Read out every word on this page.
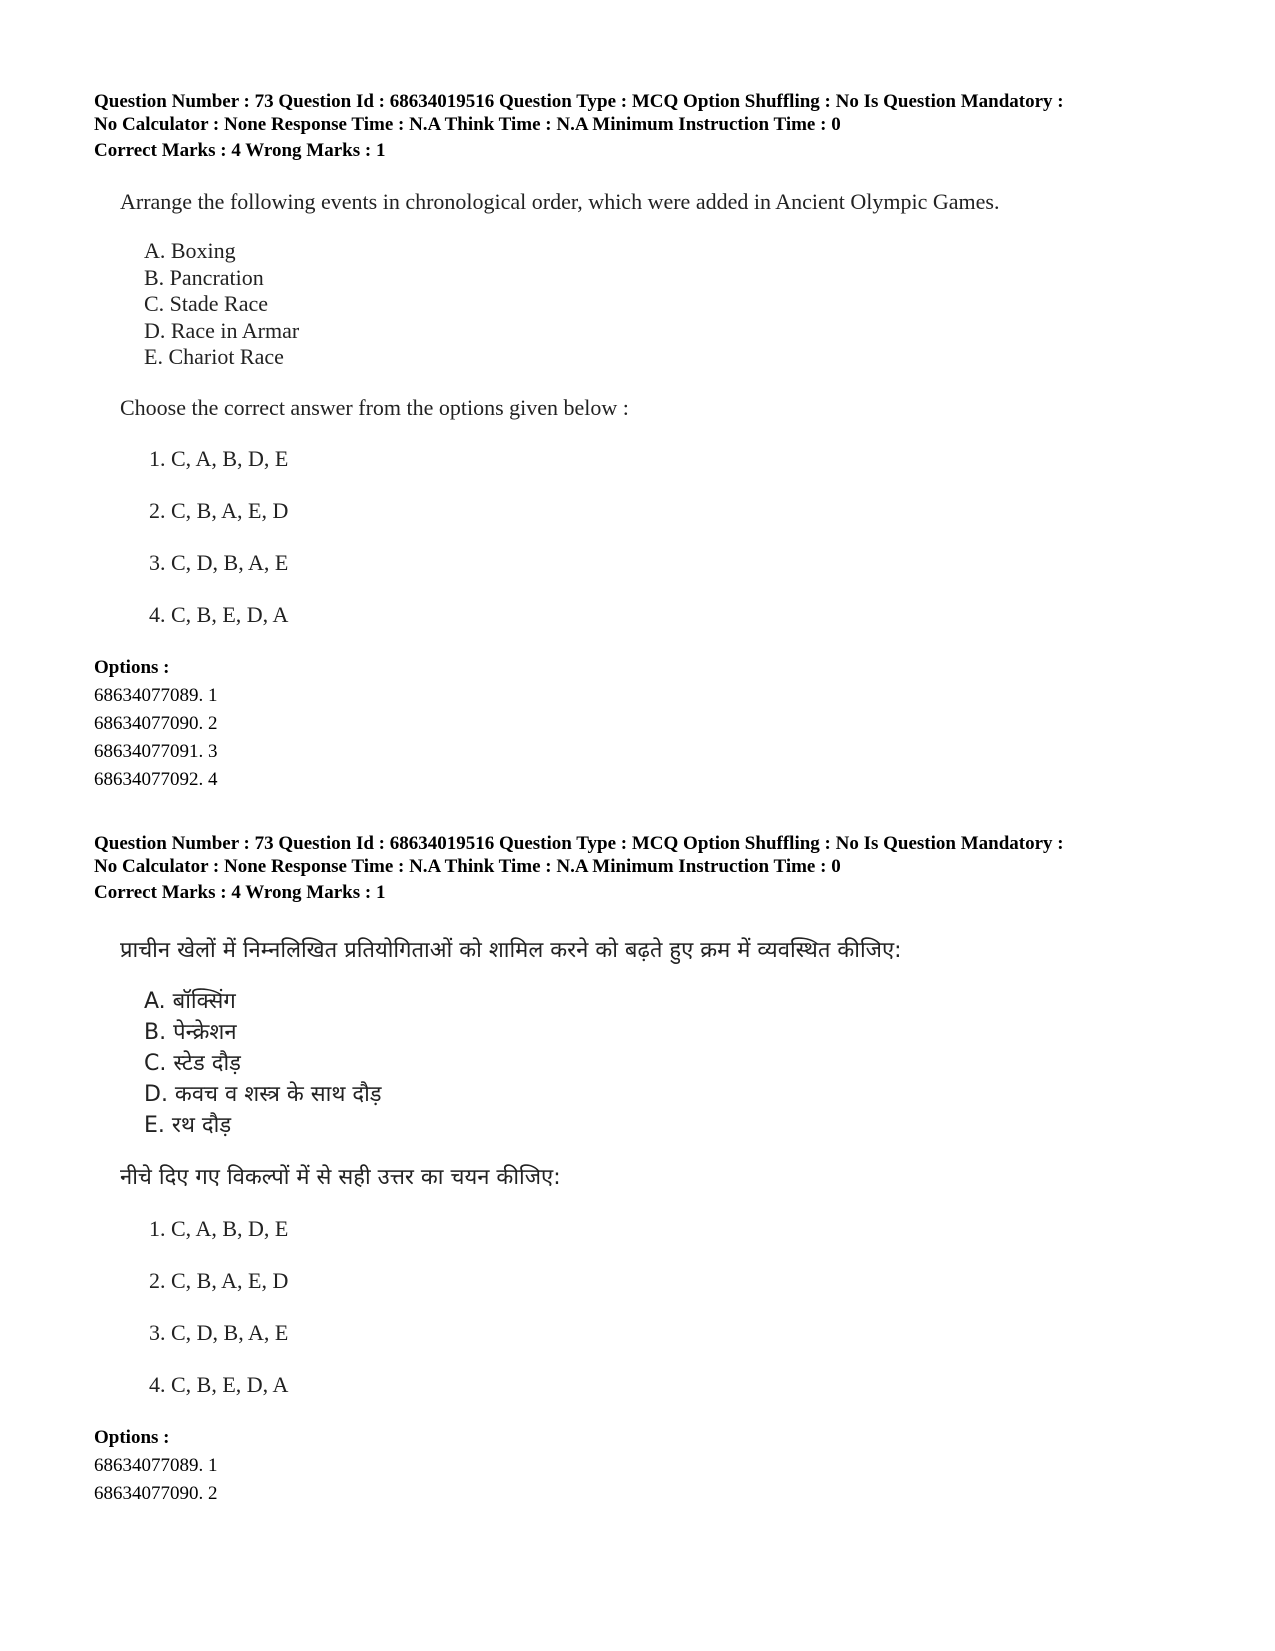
Question Number : 73 Question Id : 68634019516 Question Type : MCQ Option Shuffling : No Is Question Mandatory :
No Calculator : None Response Time : N.A Think Time : N.A Minimum Instruction Time : 0
Correct Marks : 4 Wrong Marks : 1
Arrange the following events in chronological order, which were added in Ancient Olympic Games.
A. Boxing
B. Pancration
C. Stade Race
D. Race in Armar
E. Chariot Race
Choose the correct answer from the options given below :
1. C, A, B, D, E
2. C, B, A, E, D
3. C, D, B, A, E
4. C, B, E, D, A
Options :
68634077089. 1
68634077090. 2
68634077091. 3
68634077092. 4
Question Number : 73 Question Id : 68634019516 Question Type : MCQ Option Shuffling : No Is Question Mandatory :
No Calculator : None Response Time : N.A Think Time : N.A Minimum Instruction Time : 0
Correct Marks : 4 Wrong Marks : 1
प्राचीन खेलों में निम्नलिखित प्रतियोगिताओं को शामिल करने को बढ़ते हुए क्रम में व्यवस्थित कीजिए:
A. बॉक्सिंग
B. पेन्क्रेशन
C. स्टेड दौड़
D. कवच व शस्त्र के साथ दौड़
E. रथ दौड़
नीचे दिए गए विकल्पों में से सही उत्तर का चयन कीजिए:
1. C, A, B, D, E
2. C, B, A, E, D
3. C, D, B, A, E
4. C, B, E, D, A
Options :
68634077089. 1
68634077090. 2
